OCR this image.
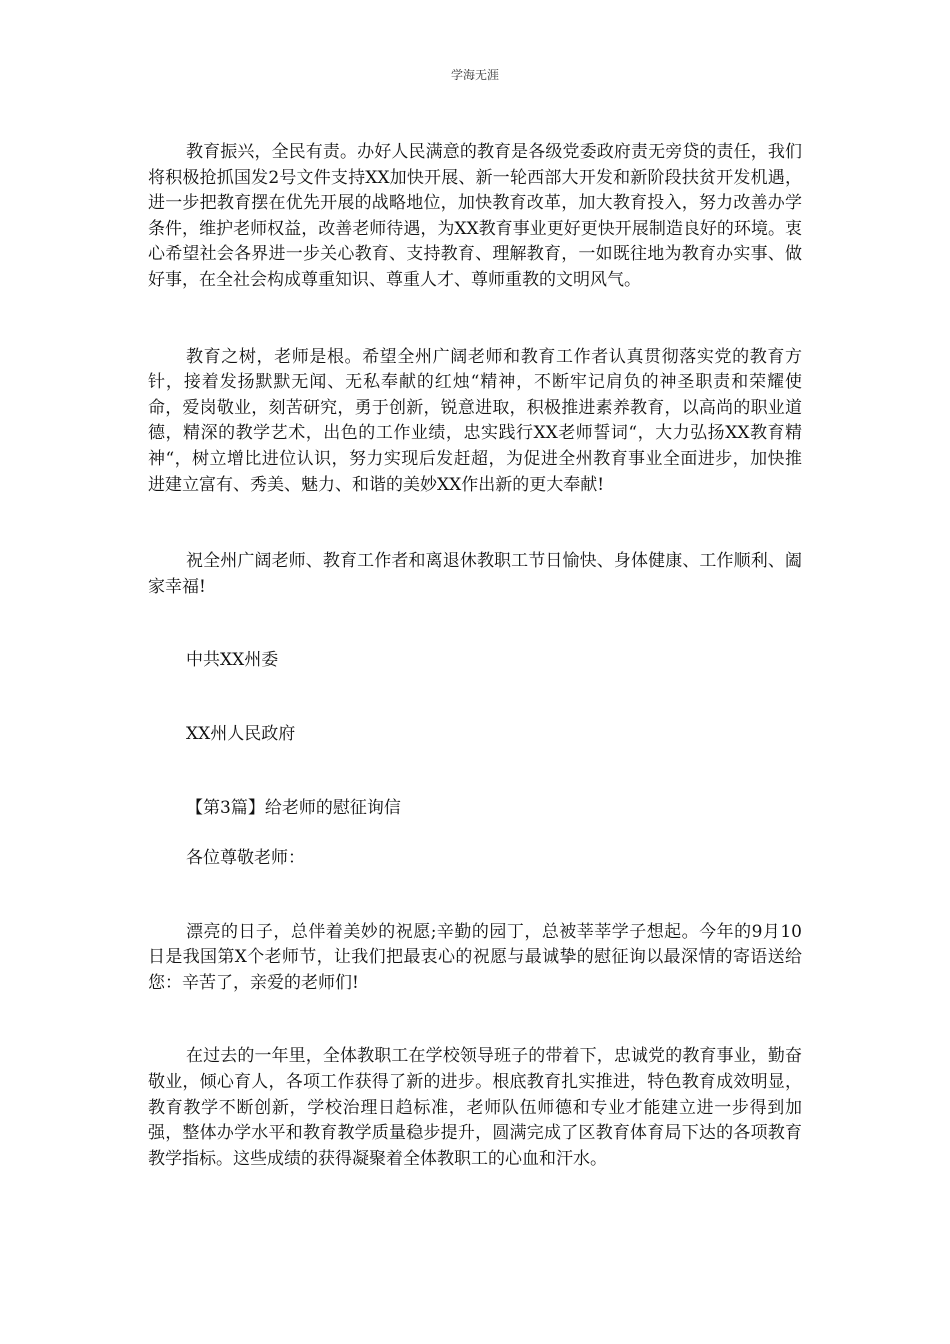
学海无涯

教育振兴，全民有责。办好人民满意的教育是各级党委政府责无旁贷的责任，我们将积极抢抓国发2号文件支持XX加快开展、新一轮西部大开发和新阶段扶贫开发机遇，进一步把教育摆在优先开展的战略地位，加快教育改革，加大教育投入，努力改善办学条件，维护老师权益，改善老师待遇，为XX教育事业更好更快开展制造良好的环境。衷心希望社会各界进一步关心教育、支持教育、理解教育，一如既往地为教育办实事、做好事，在全社会构成尊重知识、尊重人才、尊师重教的文明风气。

教育之树，老师是根。希望全州广阔老师和教育工作者认真贯彻落实党的教育方针，接着发扬默默无闻、无私奉献的红烛“精神，不断牢记肩负的神圣职责和荣耀使命，爱岗敬业，刻苦研究，勇于创新，锐意进取，积极推进素养教育，以高尚的职业道德，精深的教学艺术，出色的工作业绩，忠实践行XX老师誓词“，大力弘扬XX教育精神“，树立增比进位认识，努力实现后发赶超，为促进全州教育事业全面进步，加快推进建立富有、秀美、魅力、和谐的美妙XX作出新的更大奉献!

祝全州广阔老师、教育工作者和离退休教职工节日愉快、身体健康、工作顺利、阖家幸福!

中共XX州委

XX州人民政府

【第3篇】给老师的慰征询信

各位尊敬老师：

漂亮的日子，总伴着美妙的祝愿;辛勤的园丁，总被莘莘学子想起。今年的9月10日是我国第X个老师节，让我们把最衷心的祝愿与最诚挚的慰征询以最深情的寄语送给您：辛苦了，亲爱的老师们!

在过去的一年里，全体教职工在学校领导班子的带着下，忠诚党的教育事业，勤奋敬业，倾心育人，各项工作获得了新的进步。根底教育扎实推进，特色教育成效明显，教育教学不断创新，学校治理日趋标准，老师队伍师德和专业才能建立进一步得到加强，整体办学水平和教育教学质量稳步提升，圆满完成了区教育体育局下达的各项教育教学指标。这些成绩的获得凝聚着全体教职工的心血和汗水。
